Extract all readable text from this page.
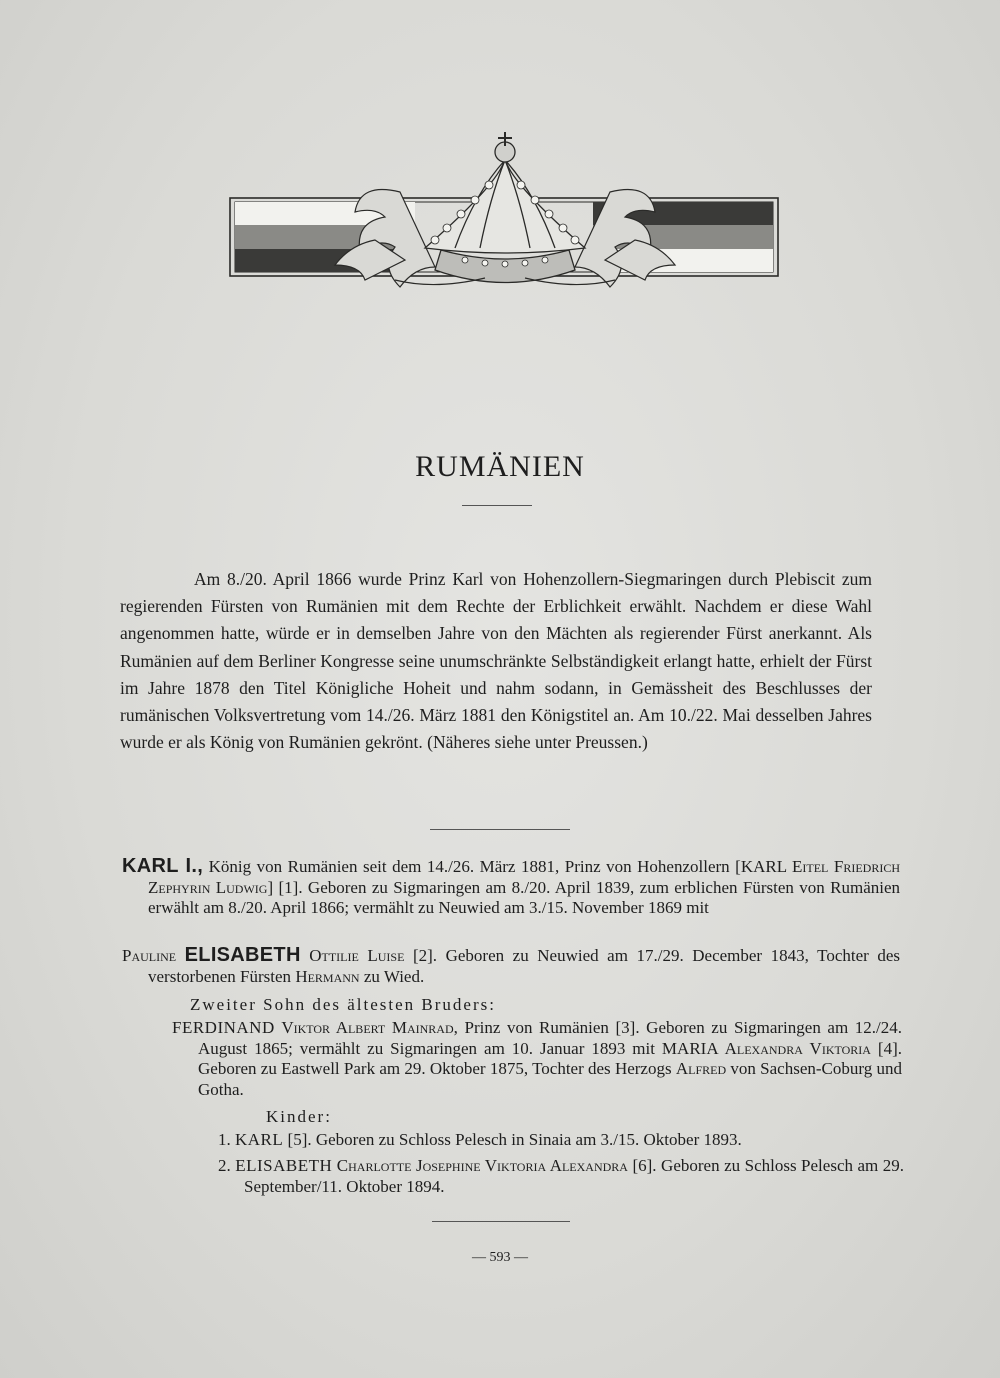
RUMÄNIEN

Am 8./20. April 1866 wurde Prinz Karl von Hohenzollern-Siegmaringen durch Plebiscit zum regierenden Fürsten von Rumänien mit dem Rechte der Erblichkeit erwählt. Nachdem er diese Wahl angenommen hatte, würde er in demselben Jahre von den Mächten als regierender Fürst anerkannt. Als Rumänien auf dem Berliner Kongresse seine unumschränkte Selbständigkeit erlangt hatte, erhielt der Fürst im Jahre 1878 den Titel Königliche Hoheit und nahm sodann, in Gemässheit des Beschlusses der rumänischen Volksvertretung vom 14./26. März 1881 den Königstitel an. Am 10./22. Mai desselben Jahres wurde er als König von Rumänien gekrönt. (Näheres siehe unter Preussen.)

KARL I., König von Rumänien seit dem 14./26. März 1881, Prinz von Hohenzollern [KARL Eitel Friedrich Zephyrin Ludwig] [1]. Geboren zu Sigmaringen am 8./20. April 1839, zum erblichen Fürsten von Rumänien erwählt am 8./20. April 1866; vermählt zu Neuwied am 3./15. November 1869 mit

Pauline ELISABETH Ottilie Luise [2]. Geboren zu Neuwied am 17./29. December 1843, Tochter des verstorbenen Fürsten Hermann zu Wied.

Zweiter Sohn des ältesten Bruders:

FERDINAND Viktor Albert Mainrad, Prinz von Rumänien [3]. Geboren zu Sigmaringen am 12./24. August 1865; vermählt zu Sigmaringen am 10. Januar 1893 mit MARIA Alexandra Viktoria [4]. Geboren zu Eastwell Park am 29. Oktober 1875, Tochter des Herzogs Alfred von Sachsen-Coburg und Gotha.

Kinder:

1. KARL [5]. Geboren zu Schloss Pelesch in Sinaia am 3./15. Oktober 1893.

2. ELISABETH Charlotte Josephine Viktoria Alexandra [6]. Geboren zu Schloss Pelesch am 29. September/11. Oktober 1894.

— 593 —
